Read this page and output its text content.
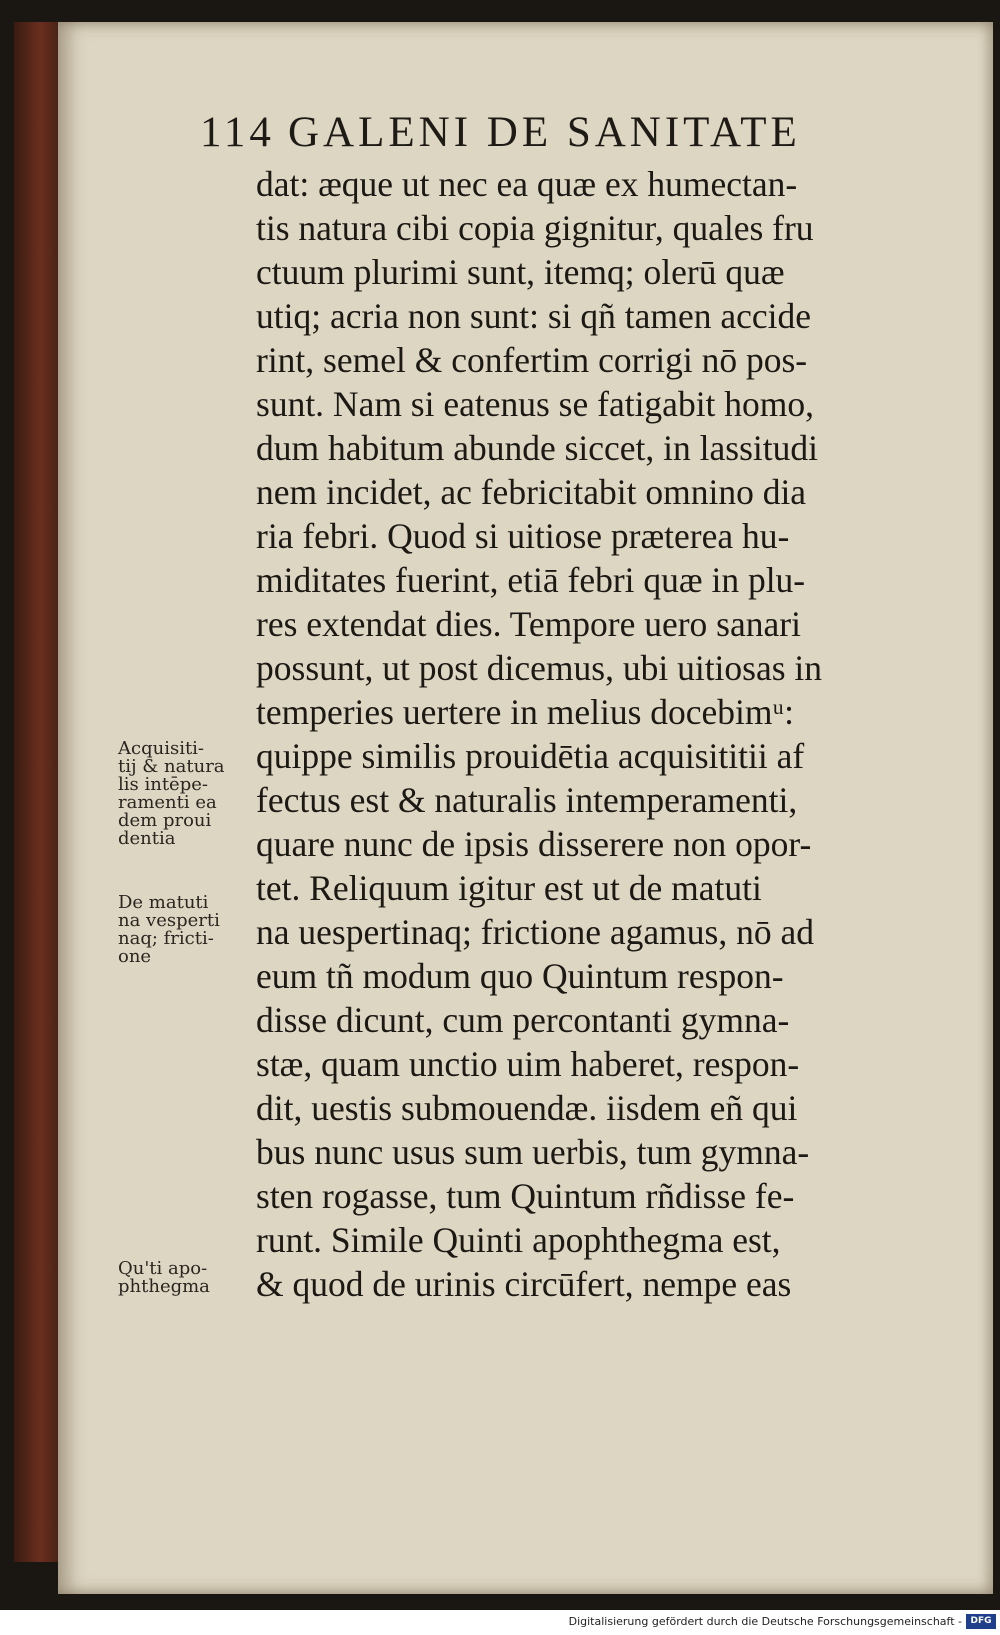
114 GALENI DE SANITATE
dat: æque ut nec ea quæ ex humectan-
tis natura cibi copia gignitur, quales fru
ctuum plurimi sunt, itemq; olerū quæ
utiq; acria non sunt: si qñ tamen accide
rint, semel & confertim corrigi nō pos-
sunt. Nam si eatenus se fatigabit homo,
dum habitum abunde siccet, in lassitudi
nem incidet, ac febricitabit omnino dia
ria febri. Quod si uitiose præterea hu-
miditates fuerint, etiā febri quæ in plu-
res extendat dies. Tempore uero sanari
possunt, ut post dicemus, ubi uitiosas in
temperies uertere in melius docebimᵘ:
quippe similis prouidētia acquisititii af
fectus est & naturalis intemperamenti,
quare nunc de ipsis disserere non opor-
tet. Reliquum igitur est ut de matuti
na uespertinaq; frictione agamus, nō ad
eum tñ modum quo Quintum respon-
disse dicunt, cum percontanti gymna-
stæ, quam unctio uim haberet, respon-
dit, uestis submouendæ. iisdem eñ qui
bus nunc usus sum uerbis, tum gymna-
sten rogasse, tum Quintum rñdisse fe-
runt. Simile Quinti apophthegma est,
& quod de urinis circūfert, nempe eas
Acquisiti-
tij & natura
lis intēpe-
ramenti ea
dem proui
dentia
De matuti
na vesperti
naq; fricti-
one
Qu'ti apo-
phthegma
Digitalisierung gefördert durch die Deutsche Forschungsgemeinschaft - DFG
